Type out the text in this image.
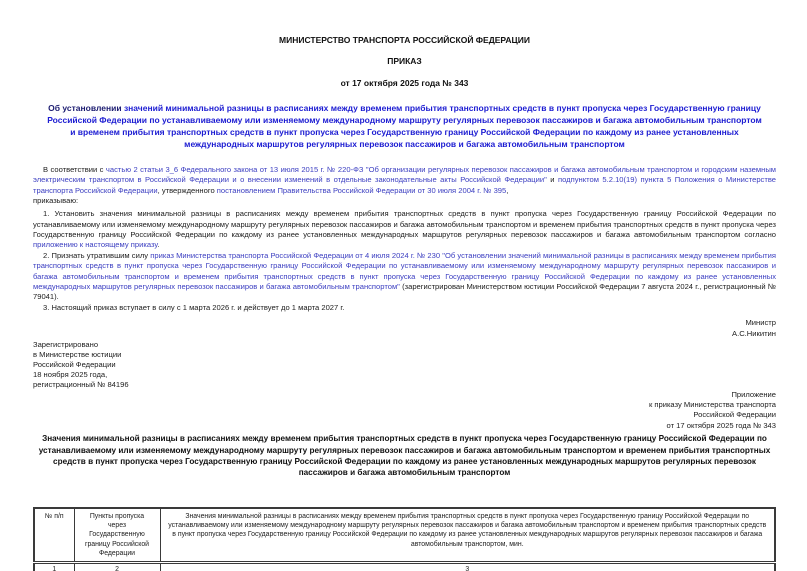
МИНИСТЕРСТВО ТРАНСПОРТА РОССИЙСКОЙ ФЕДЕРАЦИИ
ПРИКАЗ
от 17 октября 2025 года № 343
Об установлении значений минимальной разницы в расписаниях между временем прибытия транспортных средств в пункт пропуска через Государственную границу Российской Федерации по устанавливаемому или изменяемому международному маршруту регулярных перевозок пассажиров и багажа автомобильным транспортом и временем прибытия транспортных средств в пункт пропуска через Государственную границу Российской Федерации по каждому из ранее установленных международных маршрутов регулярных перевозок пассажиров и багажа автомобильным транспортом

В соответствии с частью 2 статьи 3_6 Федерального закона от 13 июля 2015 г. № 220-ФЗ "Об организации регулярных перевозок пассажиров и багажа автомобильным транспортом и городским наземным электрическим транспортом в Российской Федерации и о внесении изменений в отдельные законодательные акты Российской Федерации" и подпунктом 5.2.10(19) пункта 5 Положения о Министерстве транспорта Российской Федерации, утвержденного постановлением Правительства Российской Федерации от 30 июля 2004 г. № 395,

приказываю:

1. Установить значения минимальной разницы в расписаниях между временем прибытия транспортных средств в пункт пропуска через Государственную границу Российской Федерации по устанавливаемому или изменяемому международному маршруту регулярных перевозок пассажиров и багажа автомобильным транспортом и временем прибытия транспортных средств в пункт пропуска через Государственную границу Российской Федерации по каждому из ранее установленных международных маршрутов регулярных перевозок пассажиров и багажа автомобильным транспортом согласно приложению к настоящему приказу.

2. Признать утратившим силу приказ Министерства транспорта Российской Федерации от 4 июля 2024 г. № 230 "Об установлении значений минимальной разницы в расписаниях между временем прибытия транспортных средств в пункт пропуска через Государственную границу Российской Федерации по устанавливаемому или изменяемому международному маршруту регулярных перевозок пассажиров и багажа автомобильным транспортом и временем прибытия транспортных средств в пункт пропуска через Государственную границу Российской Федерации по каждому из ранее установленных международных маршрутов регулярных перевозок пассажиров и багажа автомобильным транспортом" (зарегистрирован Министерством юстиции Российской Федерации 7 августа 2024 г., регистрационный № 79041).

3. Настоящий приказ вступает в силу с 1 марта 2026 г. и действует до 1 марта 2027 г.

Министр
А.С.Никитин
Зарегистрировано
в Министерстве юстиции
Российской Федерации
18 ноября 2025 года,
регистрационный № 84196
Приложение
к приказу Министерства транспорта
Российской Федерации
от 17 октября 2025 года № 343
Значения минимальной разницы в расписаниях между временем прибытия транспортных средств в пункт пропуска через Государственную границу Российской Федерации по устанавливаемому или изменяемому международному маршруту регулярных перевозок пассажиров и багажа автомобильным транспортом и временем прибытия транспортных средств в пункт пропуска через Государственную границу Российской Федерации по каждому из ранее установленных международных маршрутов регулярных перевозок пассажиров и багажа автомобильным транспортом
№ п/п	Пункты пропуска через Государственную границу Российской Федерации	Значения минимальной разницы в расписаниях между временем прибытия транспортных средств в пункт пропуска через Государственную границу Российской Федерации по устанавливаемому или изменяемому международному маршруту регулярных перевозок пассажиров и багажа автомобильным транспортом и временем прибытия транспортных средств в пункт пропуска через Государственную границу Российской Федерации по каждому из ранее установленных международных маршрутов регулярных перевозок пассажиров и багажа автомобильным транспортом, мин.
1	2	3
